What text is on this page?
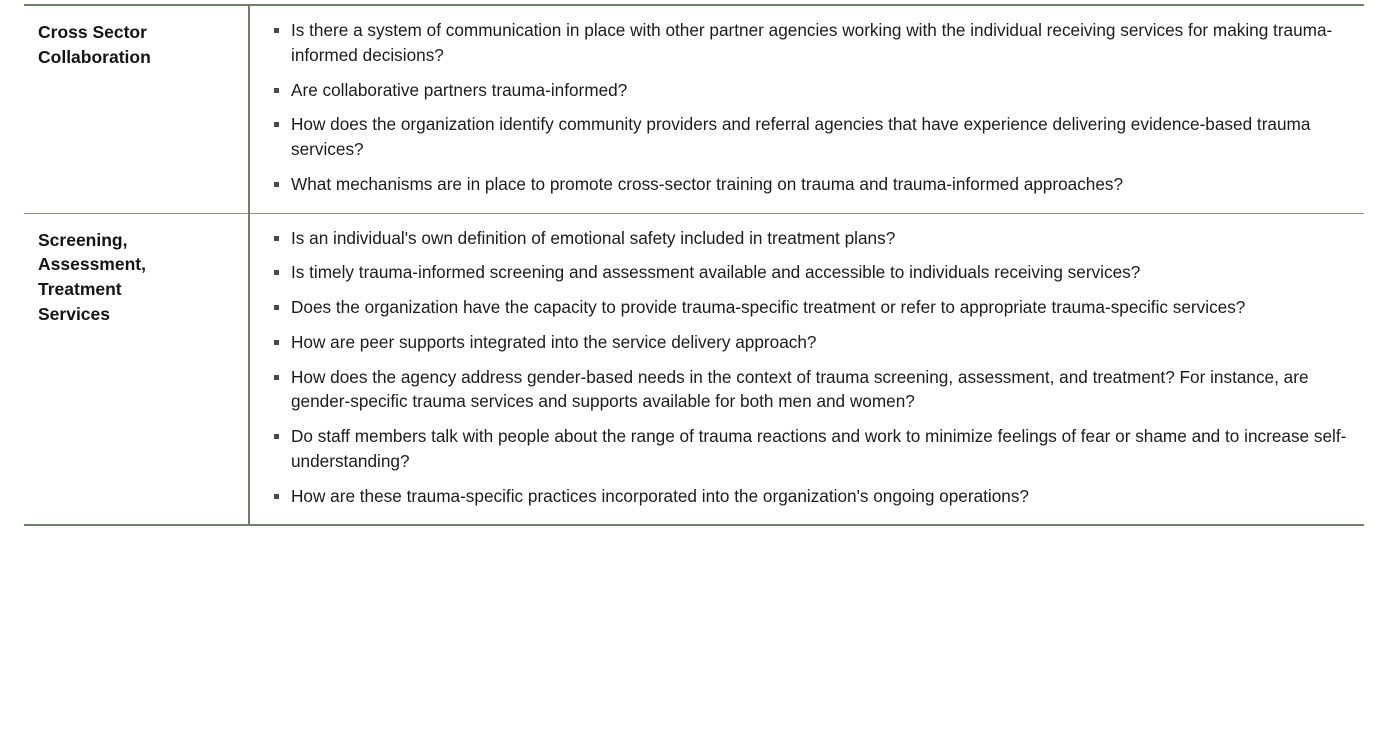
Cross Sector
Collaboration

Is there a system of communication in place with other partner agencies working with the individual receiving services for making trauma-informed decisions?
Are collaborative partners trauma-informed?
How does the organization identify community providers and referral agencies that have experience delivering evidence-based trauma services?
What mechanisms are in place to promote cross-sector training on trauma and trauma-informed approaches?

Screening,
Assessment,
Treatment
Services

Is an individual's own definition of emotional safety included in treatment plans?
Is timely trauma-informed screening and assessment available and accessible to individuals receiving services?
Does the organization have the capacity to provide trauma-specific treatment or refer to appropriate trauma-specific services?
How are peer supports integrated into the service delivery approach?
How does the agency address gender-based needs in the context of trauma screening, assessment, and treatment? For instance, are gender-specific trauma services and supports available for both men and women?
Do staff members talk with people about the range of trauma reactions and work to minimize feelings of fear or shame and to increase self-understanding?
How are these trauma-specific practices incorporated into the organization's ongoing operations?
